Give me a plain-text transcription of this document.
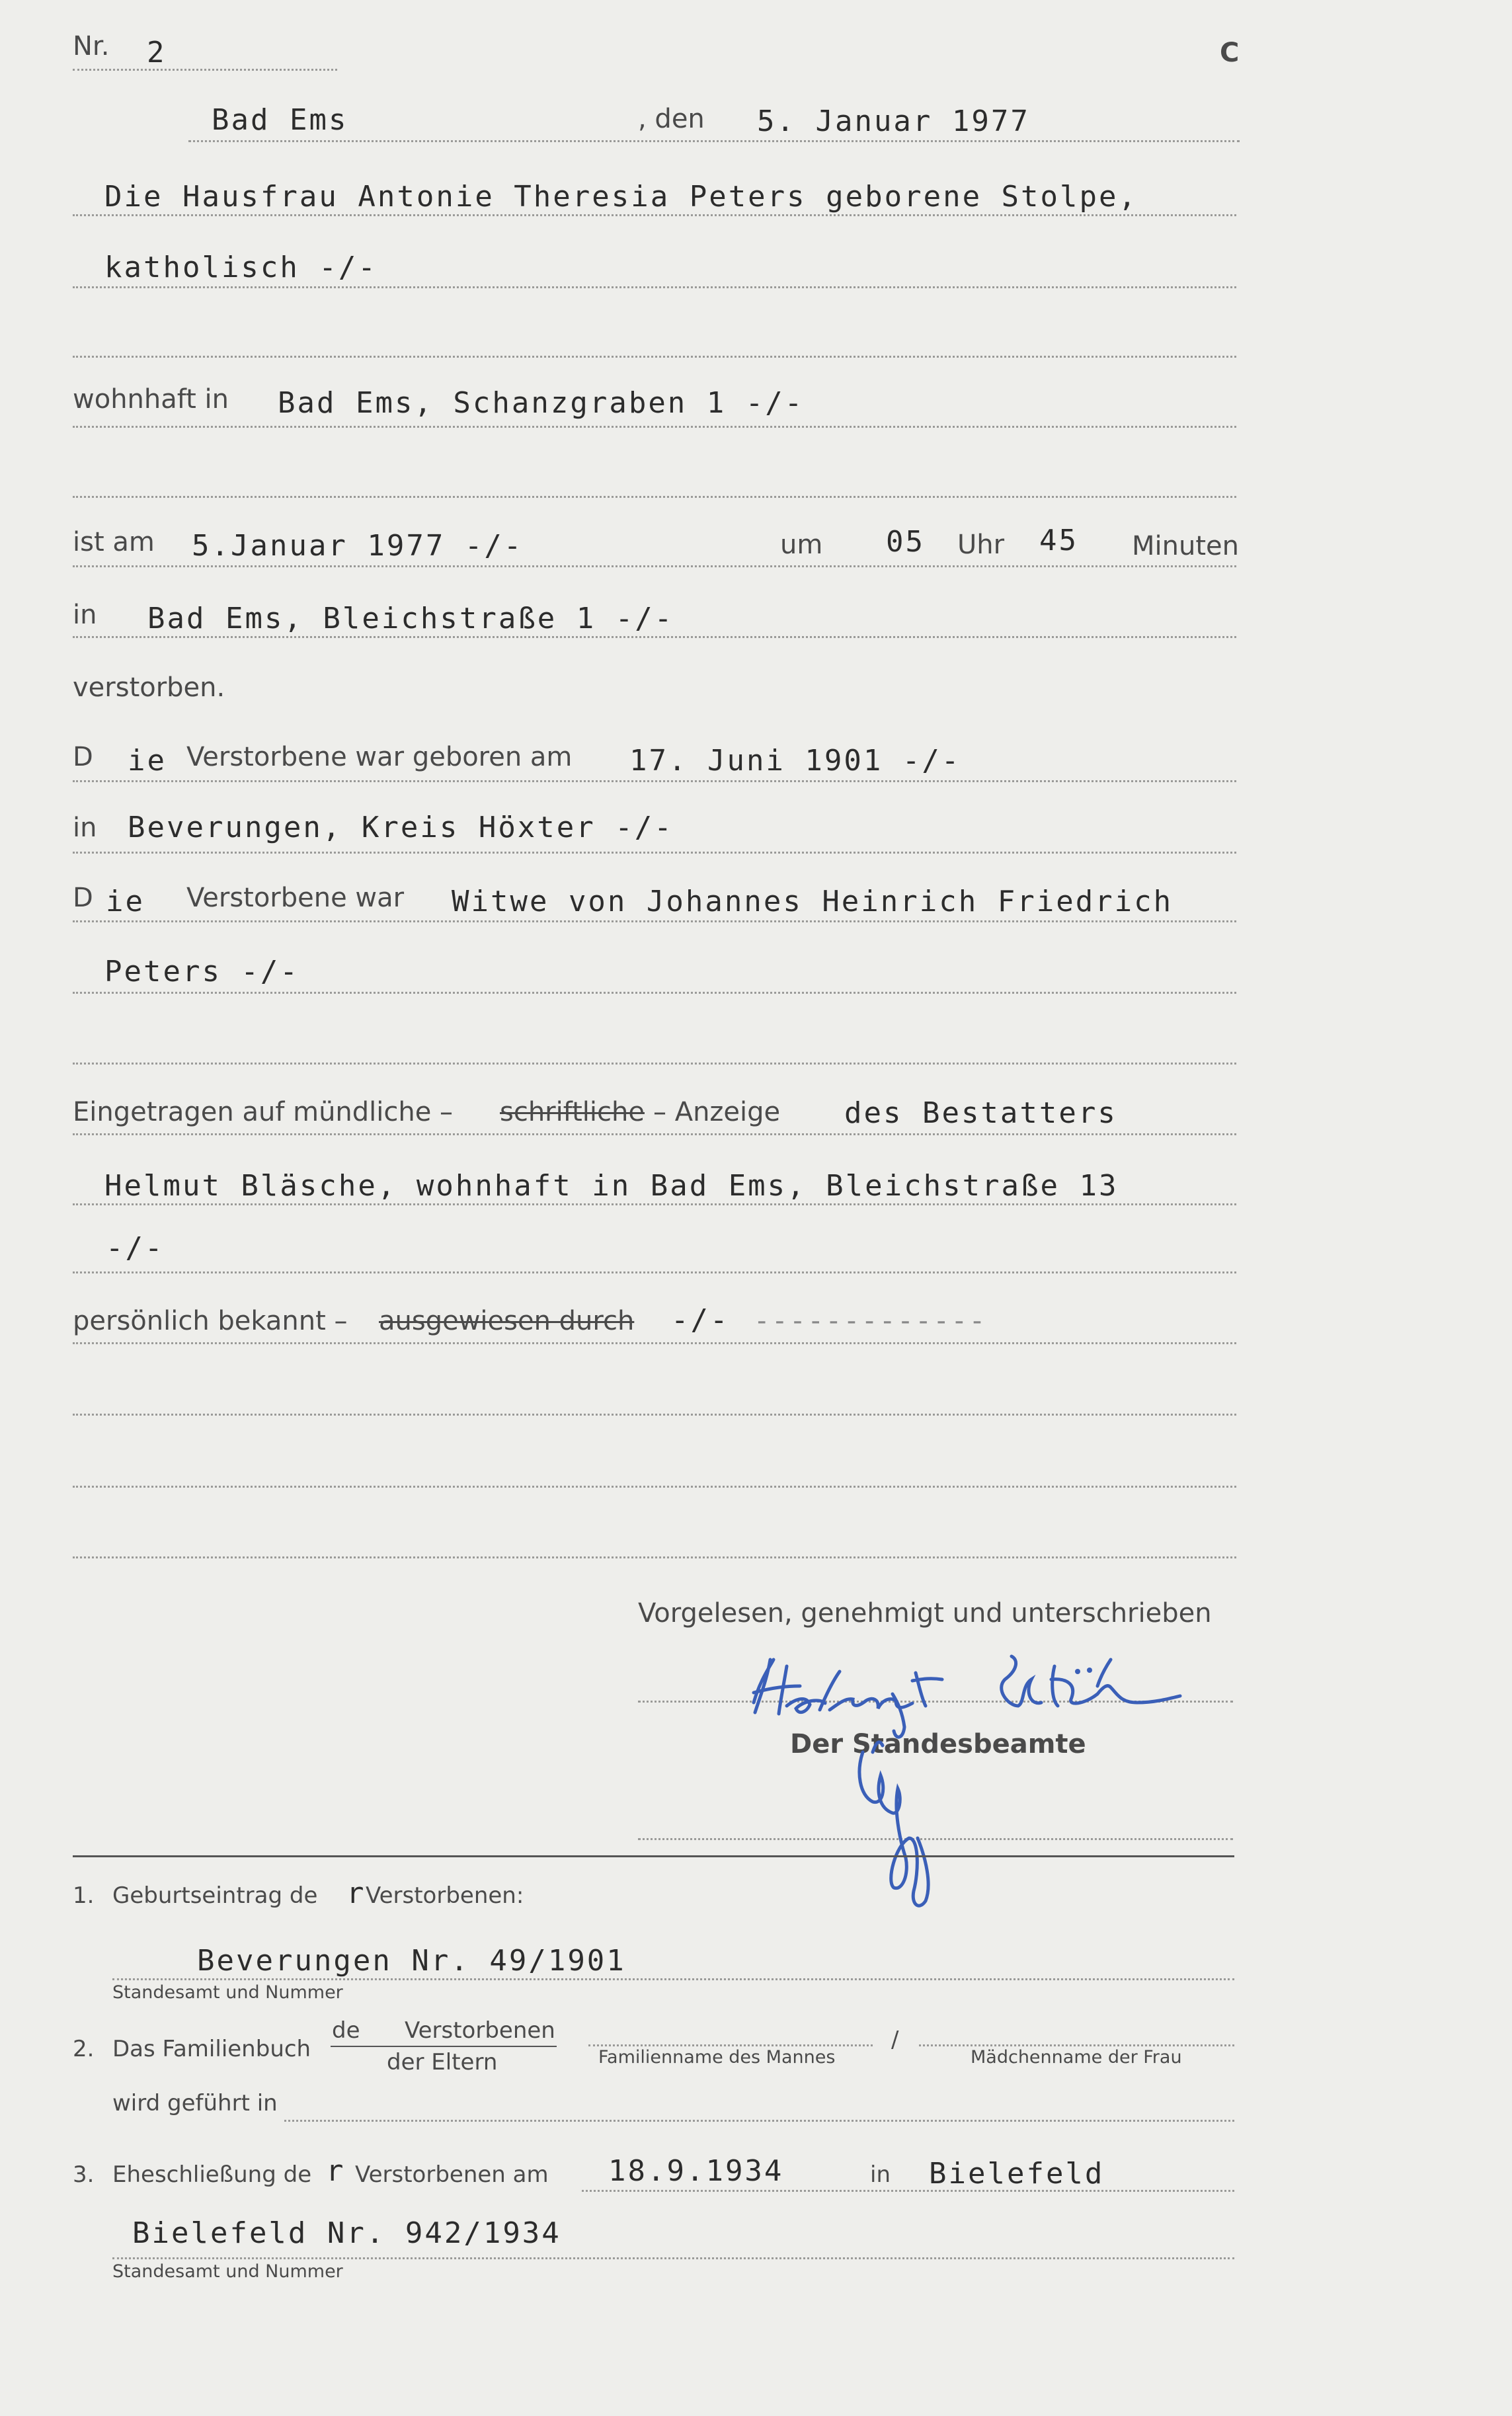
Nr. 2	C
Bad Ems	, den 5. Januar 1977
Die Hausfrau Antonie Theresia Peters geborene Stolpe,
katholisch -/-
wohnhaft in Bad Ems, Schanzgraben 1 -/-
ist am 5.Januar 1977 -/-	um 05 Uhr 45 Minuten
in Bad Ems, Bleichstraße 1 -/-
verstorben.
D ie Verstorbene war geboren am 17. Juni 1901 -/-
in Beverungen, Kreis Höxter -/-
D ie Verstorbene war Witwe von Johannes Heinrich Friedrich
Peters -/-
Eingetragen auf mündliche – schriftliche – Anzeige des Bestatters
Helmut Bläsche, wohnhaft in Bad Ems, Bleichstraße 13
-/-
persönlich bekannt – ausgewiesen durch -/- - - - - - - - - - - - - -
Vorgelesen, genehmigt und unterschrieben
Der Standesbeamte
1. Geburtseintrag de r Verstorbenen:
Beverungen Nr. 49/1901
Standesamt und Nummer
2. Das Familienbuch
de Verstorbenen
der Eltern	Familienname des Mannes
/
Mädchenname der Frau
wird geführt in
3. Eheschließung de r Verstorbenen am 18.9.1934	in Bielefeld
Bielefeld Nr. 942/1934
Standesamt und Nummer
